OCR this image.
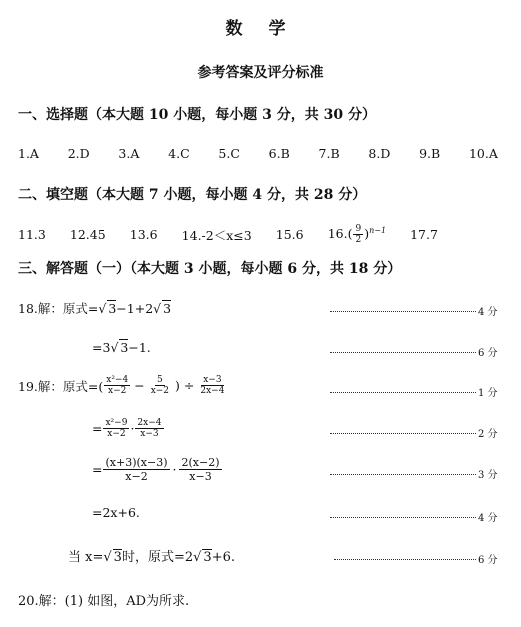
数 学
参考答案及评分标准
一、选择题（本大题 10 小题，每小题 3 分，共 30 分）
1.A 2.D 3.A 4.C 5.C 6.B 7.B 8.D 9.B 10.A
二、填空题（本大题 7 小题，每小题 4 分，共 28 分）
11.3 12.45 13.6 14.-2＜x≤3 15.6 $16.( \frac{9}{2} )^{n-1}$ 17.7
三、解答题（一）（本大题 3 小题，每小题 6 分，共 18 分）
18.解：原式=√ 3−1+2√ 3	4 分
=3√ 3−1.	6 分
19.解： 原式=( $\frac{\text{x²−4}}{x-2} - \frac{5}{x-2}$ ) ÷ $\frac{x-3}{2x-4}$	1 分
= $\frac{\text{x²−9}}{x-2} \cdot \frac{2x-4}{x-3}$	2 分
= $\frac{(x+3)(x-3)}{x-2} \cdot \frac{2(x-2)}{x-3}$	3 分
=2x+6.	4 分
当 x=√ 3时，原式=2√ 3+6.	6 分
20.解：(1) 如图，AD为所求.
